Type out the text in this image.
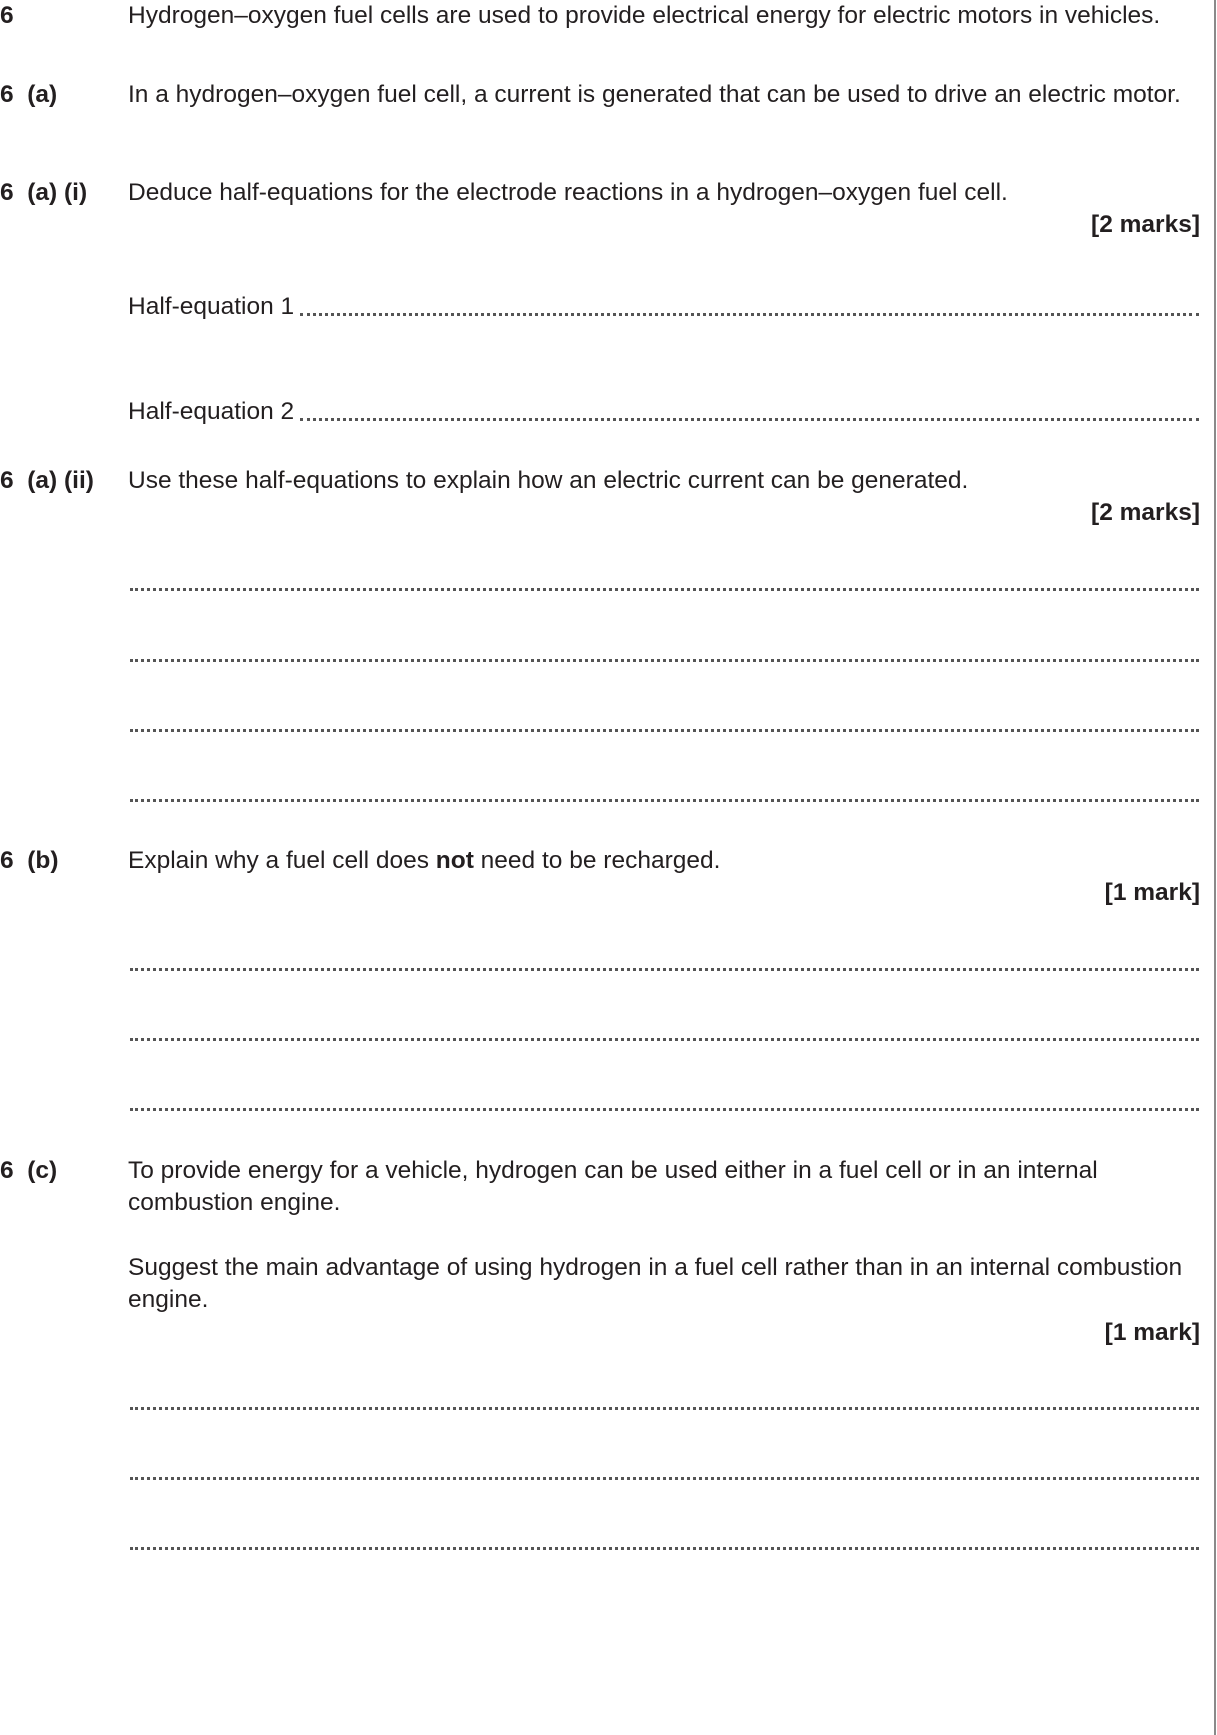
6	Hydrogen–oxygen fuel cells are used to provide electrical energy for electric motors in vehicles.
6  (a)	In a hydrogen–oxygen fuel cell, a current is generated that can be used to drive an electric motor.
6  (a) (i) Deduce half-equations for the electrode reactions in a hydrogen–oxygen fuel cell.
[2 marks]
Half-equation 1
Half-equation 2
6  (a) (ii) Use these half-equations to explain how an electric current can be generated.
[2 marks]
6  (b)	Explain why a fuel cell does not need to be recharged.
[1 mark]
6  (c)	To provide energy for a vehicle, hydrogen can be used either in a fuel cell or in an internal combustion engine.
Suggest the main advantage of using hydrogen in a fuel cell rather than in an internal combustion engine.
[1 mark]
